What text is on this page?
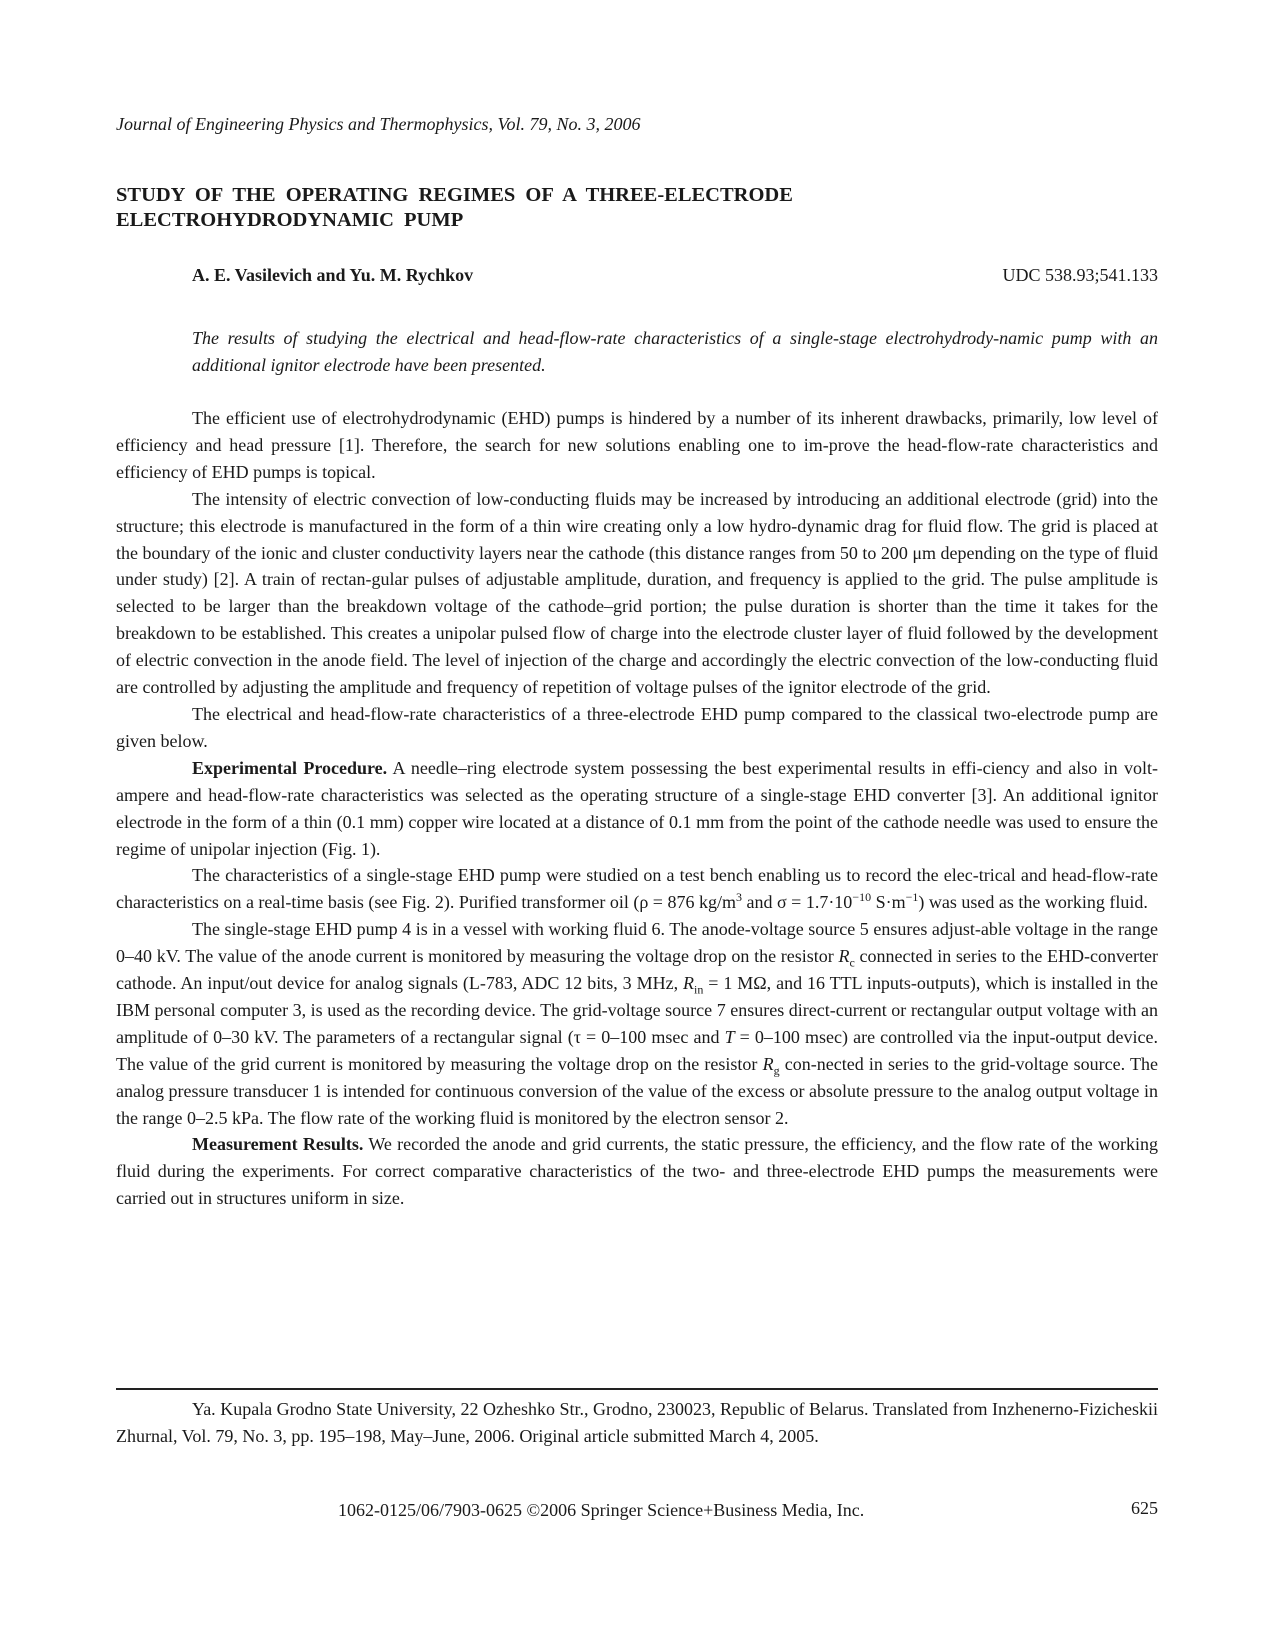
Journal of Engineering Physics and Thermophysics, Vol. 79, No. 3, 2006
STUDY OF THE OPERATING REGIMES OF A THREE-ELECTRODE
ELECTROHYDRODYNAMIC PUMP
A. E. Vasilevich and Yu. M. Rychkov	UDC 538.93;541.133
The results of studying the electrical and head-flow-rate characteristics of a single-stage electrohydrody-namic pump with an additional ignitor electrode have been presented.

The efficient use of electrohydrodynamic (EHD) pumps is hindered by a number of its inherent drawbacks, primarily, low level of efficiency and head pressure [1]. Therefore, the search for new solutions enabling one to im-prove the head-flow-rate characteristics and efficiency of EHD pumps is topical.

The intensity of electric convection of low-conducting fluids may be increased by introducing an additional electrode (grid) into the structure; this electrode is manufactured in the form of a thin wire creating only a low hydro-dynamic drag for fluid flow. The grid is placed at the boundary of the ionic and cluster conductivity layers near the cathode (this distance ranges from 50 to 200 μm depending on the type of fluid under study) [2]. A train of rectan-gular pulses of adjustable amplitude, duration, and frequency is applied to the grid. The pulse amplitude is selected to be larger than the breakdown voltage of the cathode–grid portion; the pulse duration is shorter than the time it takes for the breakdown to be established. This creates a unipolar pulsed flow of charge into the electrode cluster layer of fluid followed by the development of electric convection in the anode field. The level of injection of the charge and accordingly the electric convection of the low-conducting fluid are controlled by adjusting the amplitude and frequency of repetition of voltage pulses of the ignitor electrode of the grid.

The electrical and head-flow-rate characteristics of a three-electrode EHD pump compared to the classical two-electrode pump are given below.

Experimental Procedure. A needle–ring electrode system possessing the best experimental results in effi-ciency and also in volt-ampere and head-flow-rate characteristics was selected as the operating structure of a single-stage EHD converter [3]. An additional ignitor electrode in the form of a thin (0.1 mm) copper wire located at a distance of 0.1 mm from the point of the cathode needle was used to ensure the regime of unipolar injection (Fig. 1).

The characteristics of a single-stage EHD pump were studied on a test bench enabling us to record the elec-trical and head-flow-rate characteristics on a real-time basis (see Fig. 2). Purified transformer oil (ρ = 876 $kg/m^3$ and $\sigma = 1.7\cdot 10^{-10}$ $S\cdot m^{-1}$) was used as the working fluid.

The single-stage EHD pump 4 is in a vessel with working fluid 6. The anode-voltage source 5 ensures adjust-able voltage in the range 0–40 kV. The value of the anode current is monitored by measuring the voltage drop on the resistor $R_c$ connected in series to the EHD-converter cathode. An input/out device for analog signals (L-783, ADC 12 bits, 3 MHz, $R_{in} = 1$ MΩ, and 16 TTL inputs-outputs), which is installed in the IBM personal computer 3, is used as the recording device. The grid-voltage source 7 ensures direct-current or rectangular output voltage with an amplitude of 0–30 kV. The parameters of a rectangular signal (τ = 0–100 msec and T = 0–100 msec) are controlled via the input-output device. The value of the grid current is monitored by measuring the voltage drop on the resistor $R_g$ con-nected in series to the grid-voltage source. The analog pressure transducer 1 is intended for continuous conversion of the value of the excess or absolute pressure to the analog output voltage in the range 0–2.5 kPa. The flow rate of the working fluid is monitored by the electron sensor 2.

Measurement Results. We recorded the anode and grid currents, the static pressure, the efficiency, and the flow rate of the working fluid during the experiments. For correct comparative characteristics of the two- and three-electrode EHD pumps the measurements were carried out in structures uniform in size.

Ya. Kupala Grodno State University, 22 Ozheshko Str., Grodno, 230023, Republic of Belarus. Translated from Inzhenerno-Fizicheskii Zhurnal, Vol. 79, No. 3, pp. 195–198, May–June, 2006. Original article submitted March 4, 2005.
1062-0125/06/7903-0625 ©2006 Springer Science+Business Media, Inc.	625
